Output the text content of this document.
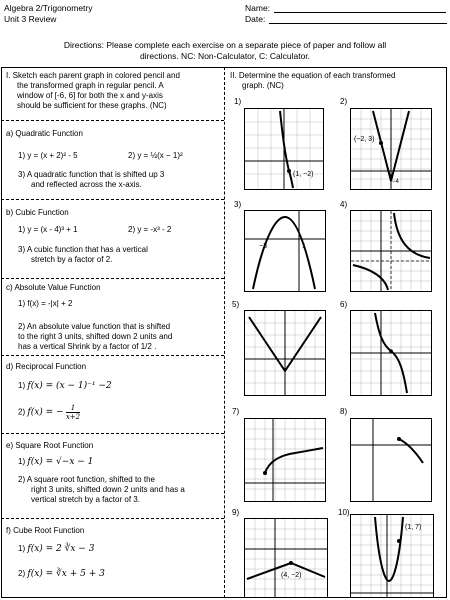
Algebra 2/Trigonometry
Unit 3 Review
Name:
Date:
Directions: Please complete each exercise on a separate piece of paper and follow all
directions. NC: Non-Calculator, C: Calculator.
I. Sketch each parent graph in colored pencil and
the transformed graph in regular pencil. A
window of [-6, 6] for both the x and y-axis
should be sufficient for these graphs. (NC)
II. Determine the equation of each transformed
graph. (NC)
a) Quadratic Function
1) y = (x + 2)² - 5	2) y = ½(x − 1)²
3) A quadratic function that is shifted up 3
and reflected across the x-axis.
b) Cubic Function
1) y = (x - 4)³ + 1	2) y = -x³ - 2
3) A cubic function that has a vertical
stretch by a factor of 2.
c) Absolute Value Function
1) f(x) = -|x| + 2
2) An absolute value function that is shifted
to the right 3 units, shifted down 2 units and
has a vertical Shrink by a factor of 1/2 .
d) Reciprocal Function
1) f(x) = (x − 1)⁻¹ −2
2) f(x) = − $\frac{1}{x+2}$
e) Square Root Function
1) f(x) = √−x − 1
2) A square root function, shifted to the
right 3 units, shifted down 2 units and has a
vertical stretch by a factor of 3.
f) Cube Root Function
1) f(x) = 2 ∛x − 3
2) f(x) = ∛x + 5 + 3
1)	2)
3)	4)
5)	6)
7)	8)
9)	10)
(1, −2)
(−2, 3)
−4
−3	1
(4, −2)
(1, 7)
